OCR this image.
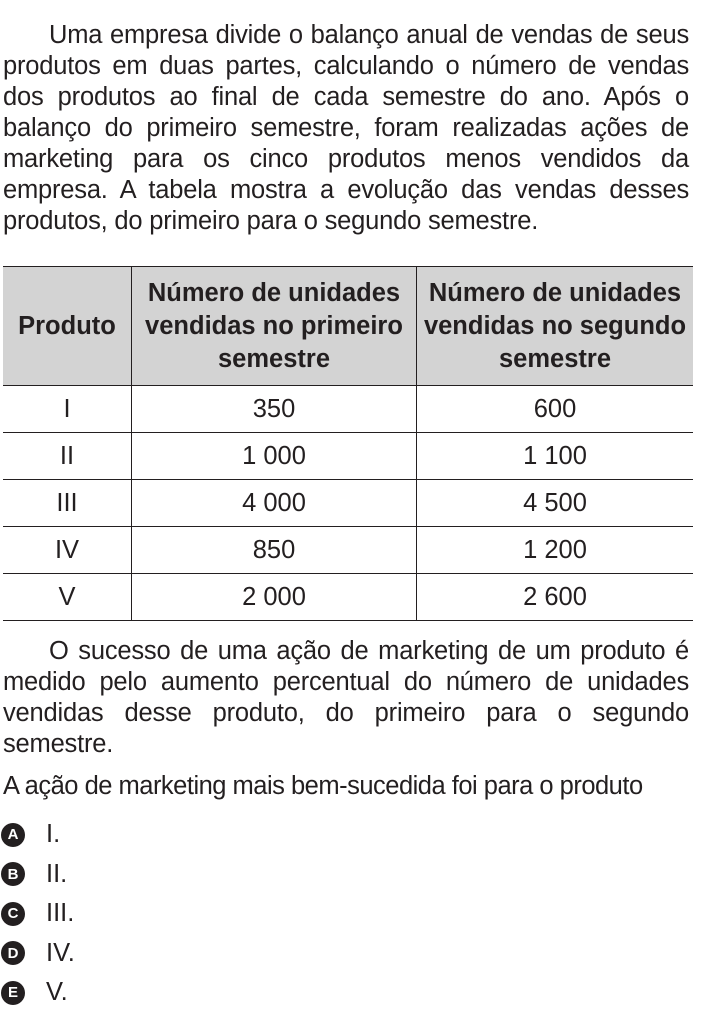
Uma empresa divide o balanço anual de vendas de seus produtos em duas partes, calculando o número de vendas dos produtos ao final de cada semestre do ano. Após o balanço do primeiro semestre, foram realizadas ações de marketing para os cinco produtos menos vendidos da empresa. A tabela mostra a evolução das vendas desses produtos, do primeiro para o segundo semestre.

Produto	Número de unidades vendidas no primeiro semestre	Número de unidades vendidas no segundo semestre
I	350	600
II	1 000	1 100
III	4 000	4 500
IV	850	1 200
V	2 000	2 600

O sucesso de uma ação de marketing de um produto é medido pelo aumento percentual do número de unidades vendidas desse produto, do primeiro para o segundo semestre.

A ação de marketing mais bem-sucedida foi para o produto

A I.
B II.
C III.
D IV.
E V.
